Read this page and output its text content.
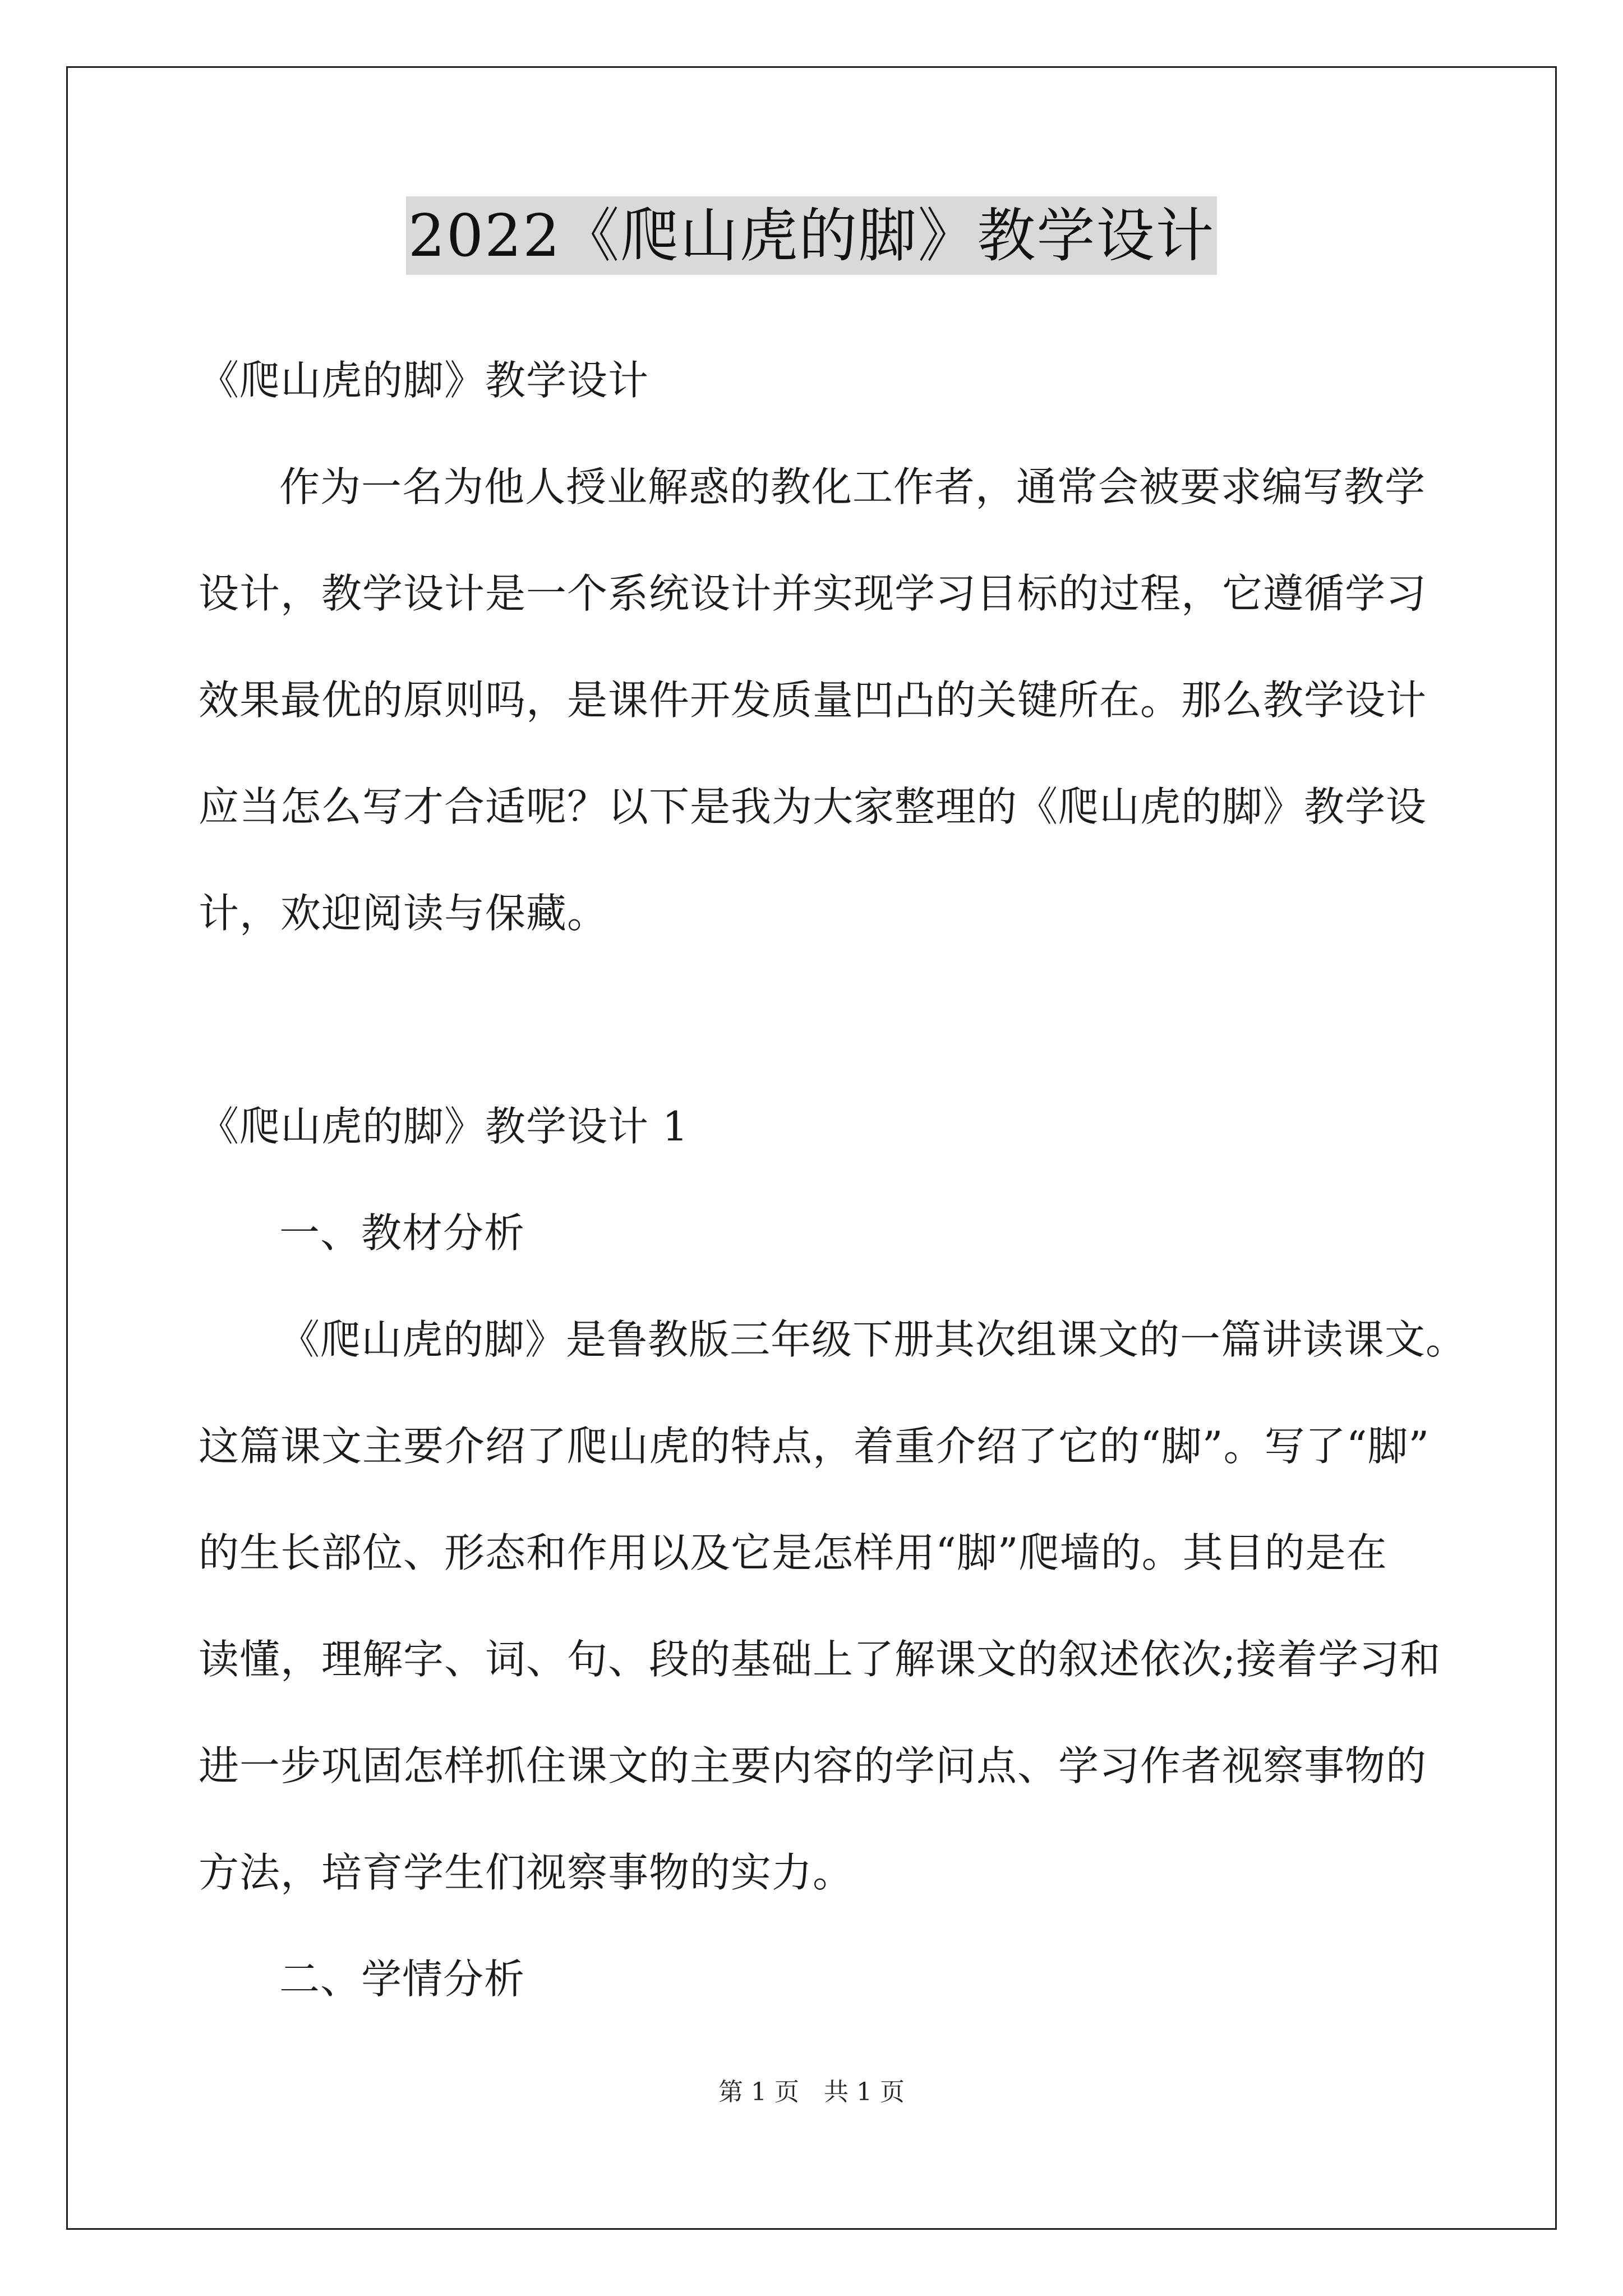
2022《爬山虎的脚》教学设计
《爬山虎的脚》教学设计
作为一名为他人授业解惑的教化工作者，通常会被要求编写教学
设计，教学设计是一个系统设计并实现学习目标的过程，它遵循学习
效果最优的原则吗，是课件开发质量凹凸的关键所在。那么教学设计
应当怎么写才合适呢？以下是我为大家整理的《爬山虎的脚》教学设
计，欢迎阅读与保藏。
《爬山虎的脚》教学设计 1
一、教材分析
《爬山虎的脚》是鲁教版三年级下册其次组课文的一篇讲读课文。
这篇课文主要介绍了爬山虎的特点，着重介绍了它的“脚”。写了“脚”
的生长部位、形态和作用以及它是怎样用“脚”爬墙的。其目的是在
读懂，理解字、词、句、段的基础上了解课文的叙述依次;接着学习和
进一步巩固怎样抓住课文的主要内容的学问点、学习作者视察事物的
方法，培育学生们视察事物的实力。
二、学情分析
第 1 页　共 1 页
